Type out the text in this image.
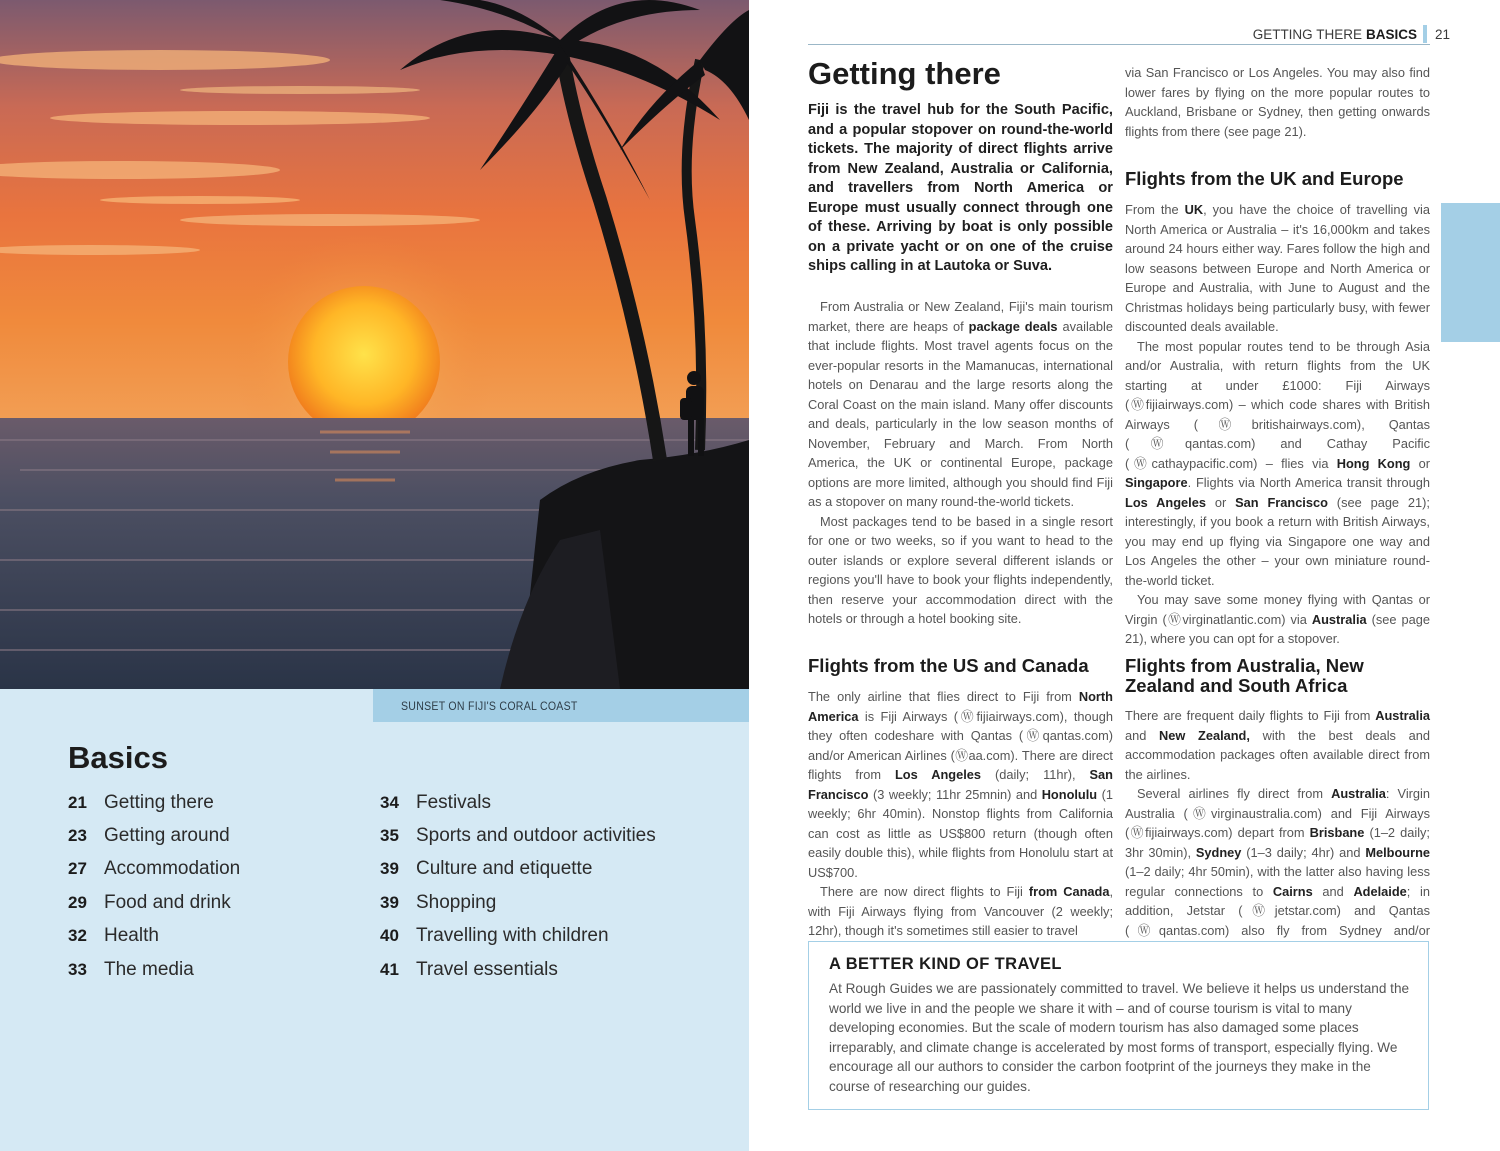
SUNSET ON FIJI'S CORAL COAST
Basics
21 Getting there
23 Getting around
27 Accommodation
29 Food and drink
32 Health
33 The media
34 Festivals
35 Sports and outdoor activities
39 Culture and etiquette
39 Shopping
40 Travelling with children
41 Travel essentials
GETTING THERE BASICS 21
Getting there

Fiji is the travel hub for the South Pacific, and a popular stopover on round-the-world tickets. The majority of direct flights arrive from New Zealand, Australia or California, and travellers from North America or Europe must usually connect through one of these. Arriving by boat is only possible on a private yacht or on one of the cruise ships calling in at Lautoka or Suva.

From Australia or New Zealand, Fiji's main tourism market, there are heaps of package deals available that include flights. Most travel agents focus on the ever-popular resorts in the Mamanucas, international hotels on Denarau and the large resorts along the Coral Coast on the main island. Many offer discounts and deals, particularly in the low season months of November, February and March. From North America, the UK or continental Europe, package options are more limited, although you should find Fiji as a stopover on many round-the-world tickets.

Most packages tend to be based in a single resort for one or two weeks, so if you want to head to the outer islands or explore several different islands or regions you'll have to book your flights independently, then reserve your accommodation direct with the hotels or through a hotel booking site.

via San Francisco or Los Angeles. You may also find lower fares by flying on the more popular routes to Auckland, Brisbane or Sydney, then getting onwards flights from there (see page 21).

Flights from the UK and Europe

From the UK, you have the choice of travelling via North America or Australia – it's 16,000km and takes around 24 hours either way. Fares follow the high and low seasons between Europe and North America or Europe and Australia, with June to August and the Christmas holidays being particularly busy, with fewer discounted deals available.

The most popular routes tend to be through Asia and/or Australia, with return flights from the UK starting at under £1000: Fiji Airways (Ⓦfijiairways.com) – which code shares with British Airways (Ⓦbritishairways.com), Qantas (Ⓦqantas.com) and Cathay Pacific (Ⓦcathaypacific.com) – flies via Hong Kong or Singapore. Flights via North America transit through Los Angeles or San Francisco (see page 21); interestingly, if you book a return with British Airways, you may end up flying via Singapore one way and Los Angeles the other – your own miniature round-the-world ticket.

You may save some money flying with Qantas or Virgin (Ⓦvirginatlantic.com) via Australia (see page 21), where you can opt for a stopover.

Flights from the US and Canada

The only airline that flies direct to Fiji from North America is Fiji Airways (Ⓦfijiairways.com), though they often codeshare with Qantas (Ⓦqantas.com) and/or American Airlines (Ⓦaa.com). There are direct flights from Los Angeles (daily; 11hr), San Francisco (3 weekly; 11hr 25mnin) and Honolulu (1 weekly; 6hr 40min). Nonstop flights from California can cost as little as US$800 return (though often easily double this), while flights from Honolulu start at US$700.

There are now direct flights to Fiji from Canada, with Fiji Airways flying from Vancouver (2 weekly; 12hr), though it's sometimes still easier to travel

Flights from Australia, New Zealand and South Africa

There are frequent daily flights to Fiji from Australia and New Zealand, with the best deals and accommodation packages often available direct from the airlines.

Several airlines fly direct from Australia: Virgin Australia (Ⓦvirginaustralia.com) and Fiji Airways (Ⓦfijiairways.com) depart from Brisbane (1–2 daily; 3hr 30min), Sydney (1–3 daily; 4hr) and Melbourne (1–2 daily; 4hr 50min), with the latter also having less regular connections to Cairns and Adelaide; in addition, Jetstar (Ⓦjetstar.com) and Qantas (Ⓦqantas.com) also fly from Sydney and/or

A BETTER KIND OF TRAVEL

At Rough Guides we are passionately committed to travel. We believe it helps us understand the world we live in and the people we share it with – and of course tourism is vital to many developing economies. But the scale of modern tourism has also damaged some places irreparably, and climate change is accelerated by most forms of transport, especially flying. We encourage all our authors to consider the carbon footprint of the journeys they make in the course of researching our guides.
